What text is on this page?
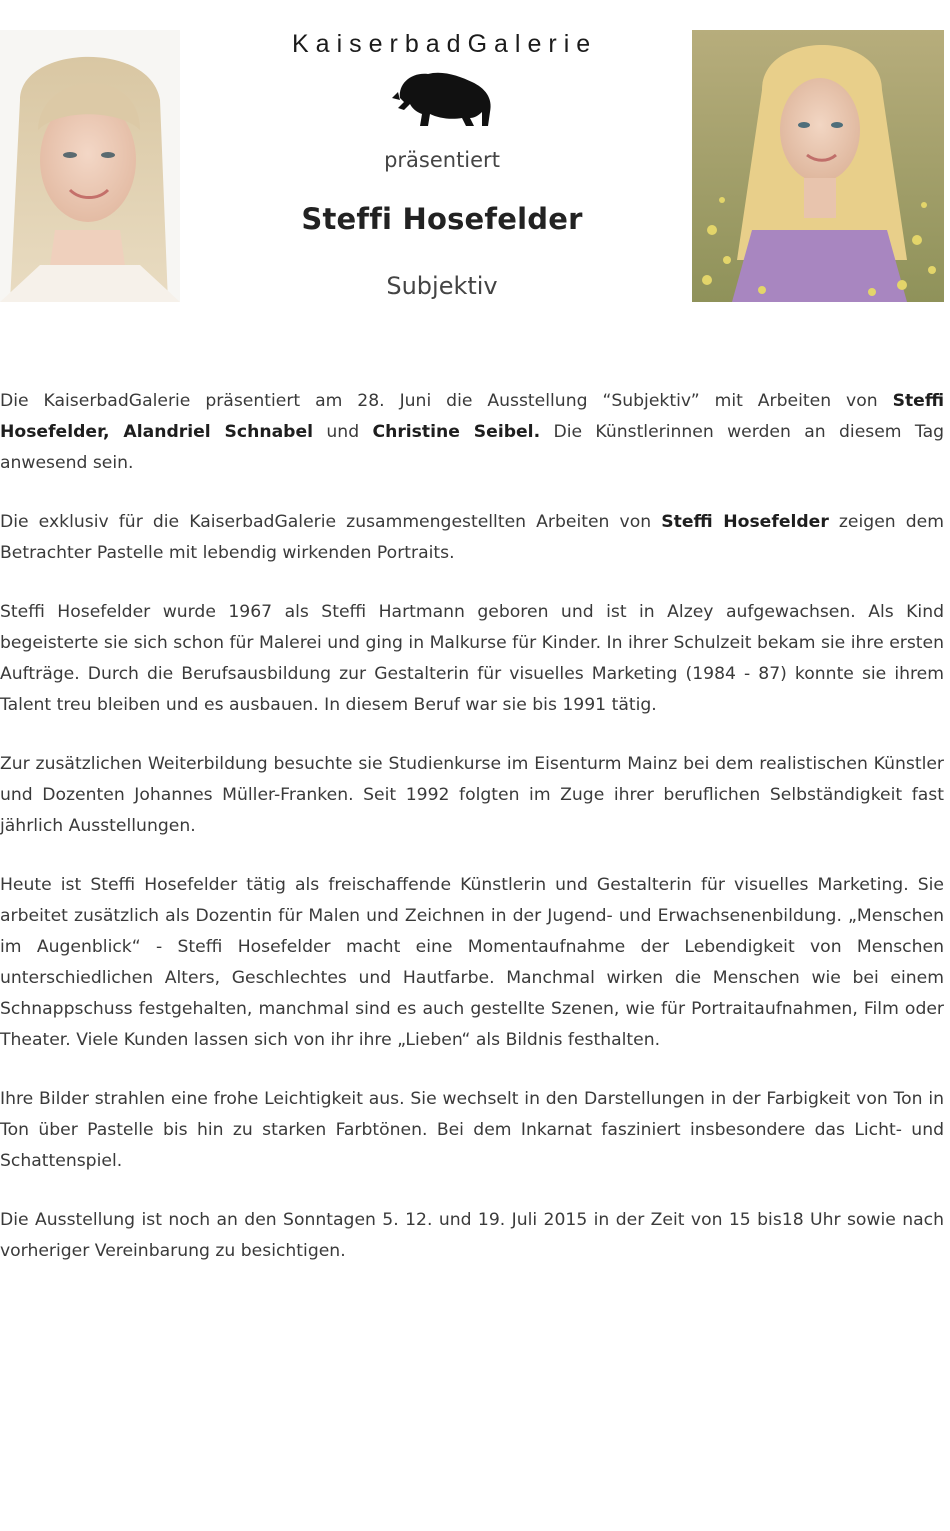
KaiserbadGalerie
präsentiert
Steffi Hosefelder
Subjektiv

Die KaiserbadGalerie präsentiert am 28. Juni die Ausstellung “Subjektiv” mit Arbeiten von Steffi Hosefelder, Alandriel Schnabel und Christine Seibel. Die Künstlerinnen werden an diesem Tag anwesend sein.

Die exklusiv für die KaiserbadGalerie zusammengestellten Arbeiten von Steffi Hosefelder zeigen dem Betrachter Pastelle mit lebendig wirkenden Portraits.

Steffi Hosefelder wurde 1967 als Steffi Hartmann geboren und ist in Alzey aufgewachsen. Als Kind begeisterte sie sich schon für Malerei und ging in Malkurse für Kinder. In ihrer Schulzeit bekam sie ihre ersten Aufträge. Durch die Berufsausbildung zur Gestalterin für visuelles Marketing (1984 - 87) konnte sie ihrem Talent treu bleiben und es ausbauen. In diesem Beruf war sie bis 1991 tätig.

Zur zusätzlichen Weiterbildung besuchte sie Studienkurse im Eisenturm Mainz bei dem realistischen Künstler und Dozenten Johannes Müller-Franken. Seit 1992 folgten im Zuge ihrer beruflichen Selbständigkeit fast jährlich Ausstellungen.

Heute ist Steffi Hosefelder tätig als freischaffende Künstlerin und Gestalterin für visuelles Marketing. Sie arbeitet zusätzlich als Dozentin für Malen und Zeichnen in der Jugend- und Erwachsenenbildung. „Menschen im Augenblick“ - Steffi Hosefelder macht eine Momentaufnahme der Lebendigkeit von Menschen unterschiedlichen Alters, Geschlechtes und Hautfarbe. Manchmal wirken die Menschen wie bei einem Schnappschuss festgehalten, manchmal sind es auch gestellte Szenen, wie für Portraitaufnahmen, Film oder Theater. Viele Kunden lassen sich von ihr ihre „Lieben“ als Bildnis festhalten.

Ihre Bilder strahlen eine frohe Leichtigkeit aus. Sie wechselt in den Darstellungen in der Farbigkeit von Ton in Ton über Pastelle bis hin zu starken Farbtönen. Bei dem Inkarnat fasziniert insbesondere das Licht- und Schattenspiel.

Die Ausstellung ist noch an den Sonntagen 5. 12. und 19. Juli 2015 in der Zeit von 15 bis18 Uhr sowie nach vorheriger Vereinbarung zu besichtigen.
